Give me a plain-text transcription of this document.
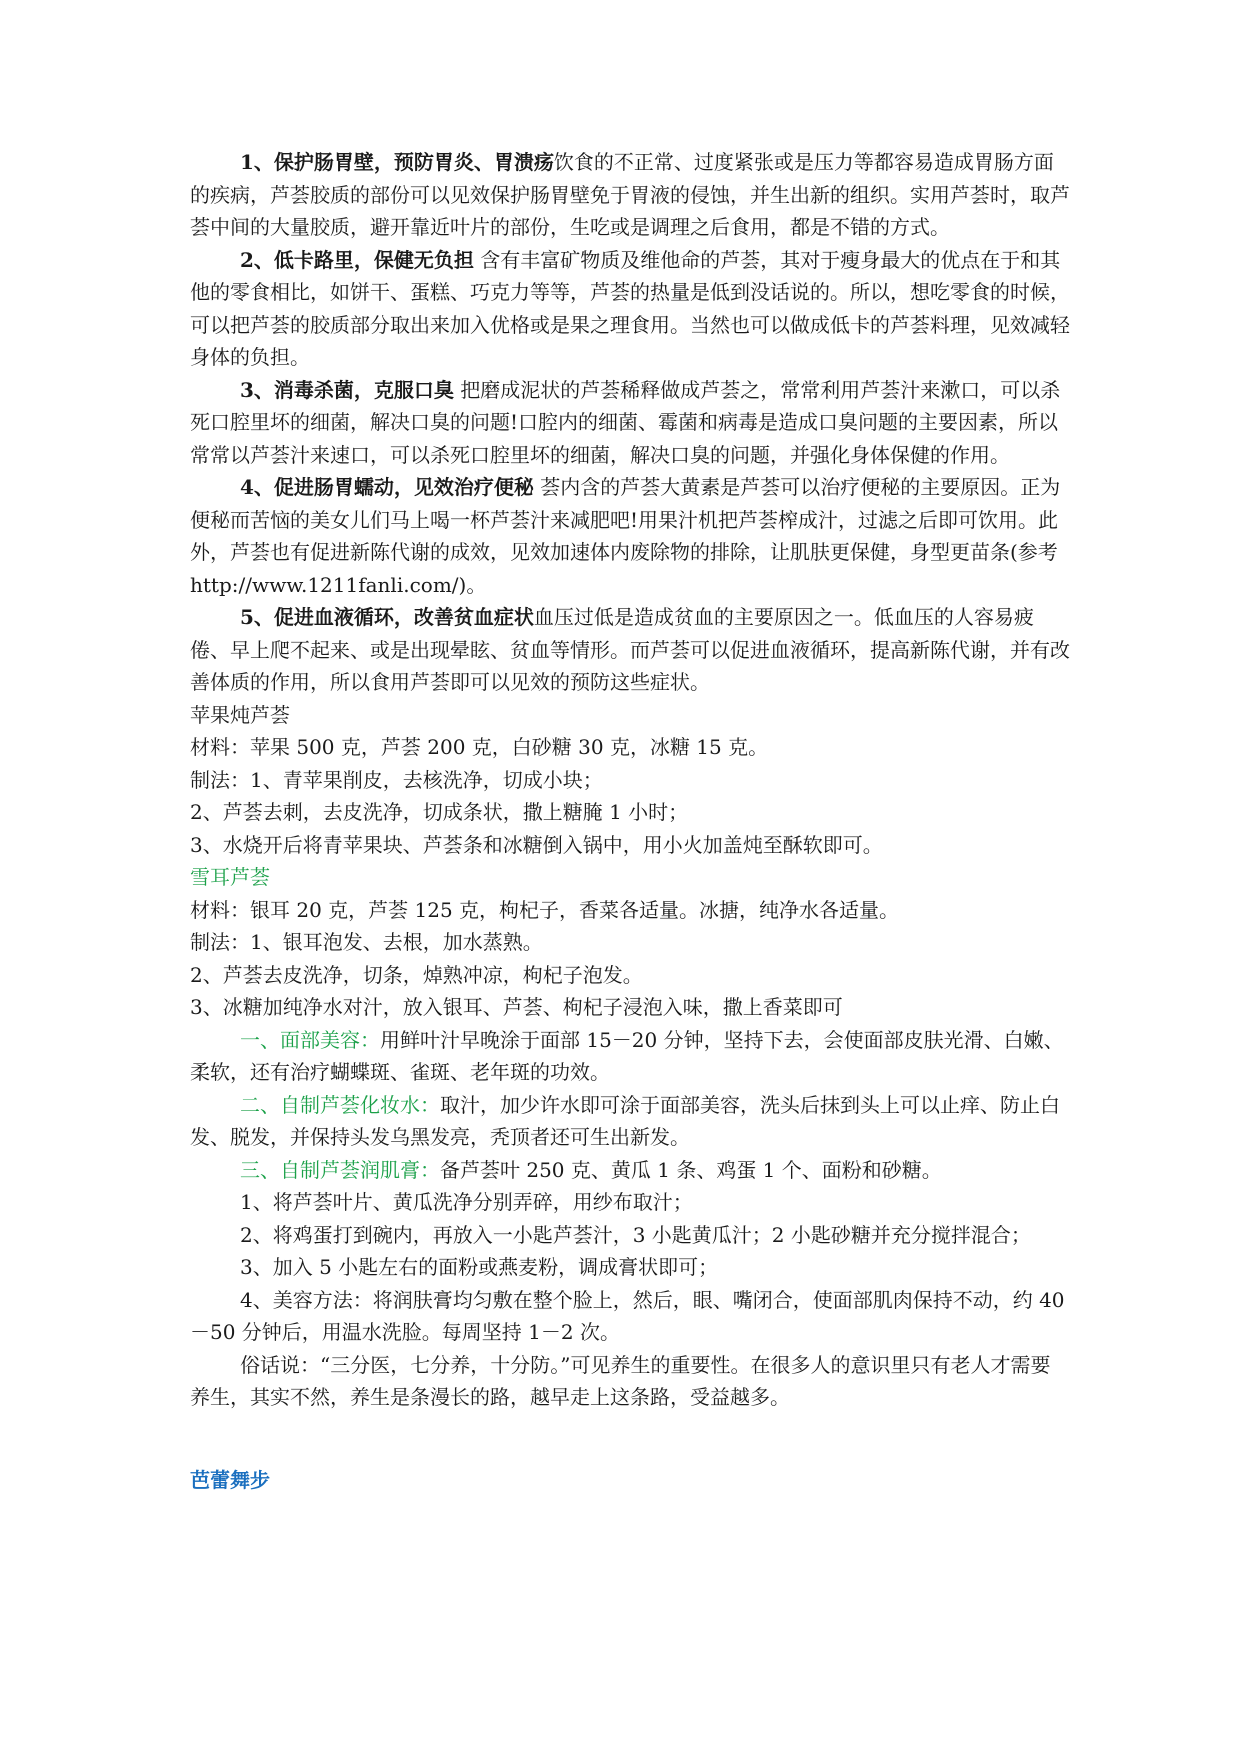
1、保护肠胃壁，预防胃炎、胃溃疡饮食的不正常、过度紧张或是压力等都容易造成胃肠方面的疾病，芦荟胶质的部份可以见效保护肠胃壁免于胃液的侵蚀，并生出新的组织。实用芦荟时，取芦荟中间的大量胶质，避开靠近叶片的部份，生吃或是调理之后食用，都是不错的方式。

2、低卡路里，保健无负担 含有丰富矿物质及维他命的芦荟，其对于瘦身最大的优点在于和其他的零食相比，如饼干、蛋糕、巧克力等等，芦荟的热量是低到没话说的。所以，想吃零食的时候，可以把芦荟的胶质部分取出来加入优格或是果之理食用。当然也可以做成低卡的芦荟料理，见效减轻身体的负担。

3、消毒杀菌，克服口臭 把磨成泥状的芦荟稀释做成芦荟之，常常利用芦荟汁来漱口，可以杀死口腔里坏的细菌，解决口臭的问题!口腔内的细菌、霉菌和病毒是造成口臭问题的主要因素，所以常常以芦荟汁来速口，可以杀死口腔里坏的细菌，解决口臭的问题，并强化身体保健的作用。

4、促进肠胃蠕动，见效治疗便秘 荟内含的芦荟大黄素是芦荟可以治疗便秘的主要原因。正为便秘而苦恼的美女儿们马上喝一杯芦荟汁来减肥吧!用果汁机把芦荟榨成汁，过滤之后即可饮用。此外，芦荟也有促进新陈代谢的成效，见效加速体内废除物的排除，让肌肤更保健，身型更苗条(参考 http://www.1211fanli.com/)。

5、促进血液循环，改善贫血症状血压过低是造成贫血的主要原因之一。低血压的人容易疲倦、早上爬不起来、或是出现晕眩、贫血等情形。而芦荟可以促进血液循环，提高新陈代谢，并有改善体质的作用，所以食用芦荟即可以见效的预防这些症状。

苹果炖芦荟

材料：苹果 500 克，芦荟 200 克，白砂糖 30 克，冰糖 15 克。

制法：1、青苹果削皮，去核洗净，切成小块；

2、芦荟去刺，去皮洗净，切成条状，撒上糖腌 1 小时；

3、水烧开后将青苹果块、芦荟条和冰糖倒入锅中，用小火加盖炖至酥软即可。

雪耳芦荟

材料：银耳 20 克，芦荟 125 克，枸杞子，香菜各适量。冰搪，纯净水各适量。

制法：1、银耳泡发、去根，加水蒸熟。

2、芦荟去皮洗净，切条，焯熟冲凉，枸杞子泡发。

3、冰糖加纯净水对汁，放入银耳、芦荟、枸杞子浸泡入味，撒上香菜即可

一、面部美容：用鲜叶汁早晚涂于面部 15－20 分钟，坚持下去，会使面部皮肤光滑、白嫩、柔软，还有治疗蝴蝶斑、雀斑、老年斑的功效。

二、自制芦荟化妆水：取汁，加少许水即可涂于面部美容，洗头后抹到头上可以止痒、防止白发、脱发，并保持头发乌黑发亮，秃顶者还可生出新发。

三、自制芦荟润肌膏：备芦荟叶 250 克、黄瓜 1 条、鸡蛋 1 个、面粉和砂糖。

1、将芦荟叶片、黄瓜洗净分别弄碎，用纱布取汁；

2、将鸡蛋打到碗内，再放入一小匙芦荟汁，3 小匙黄瓜汁；2 小匙砂糖并充分搅拌混合；

3、加入 5 小匙左右的面粉或燕麦粉，调成膏状即可；

4、美容方法：将润肤膏均匀敷在整个脸上，然后，眼、嘴闭合，使面部肌肉保持不动，约 40－50 分钟后，用温水洗脸。每周坚持 1－2 次。

俗话说：“三分医，七分养，十分防。”可见养生的重要性。在很多人的意识里只有老人才需要养生，其实不然，养生是条漫长的路，越早走上这条路，受益越多。

芭蕾舞步
